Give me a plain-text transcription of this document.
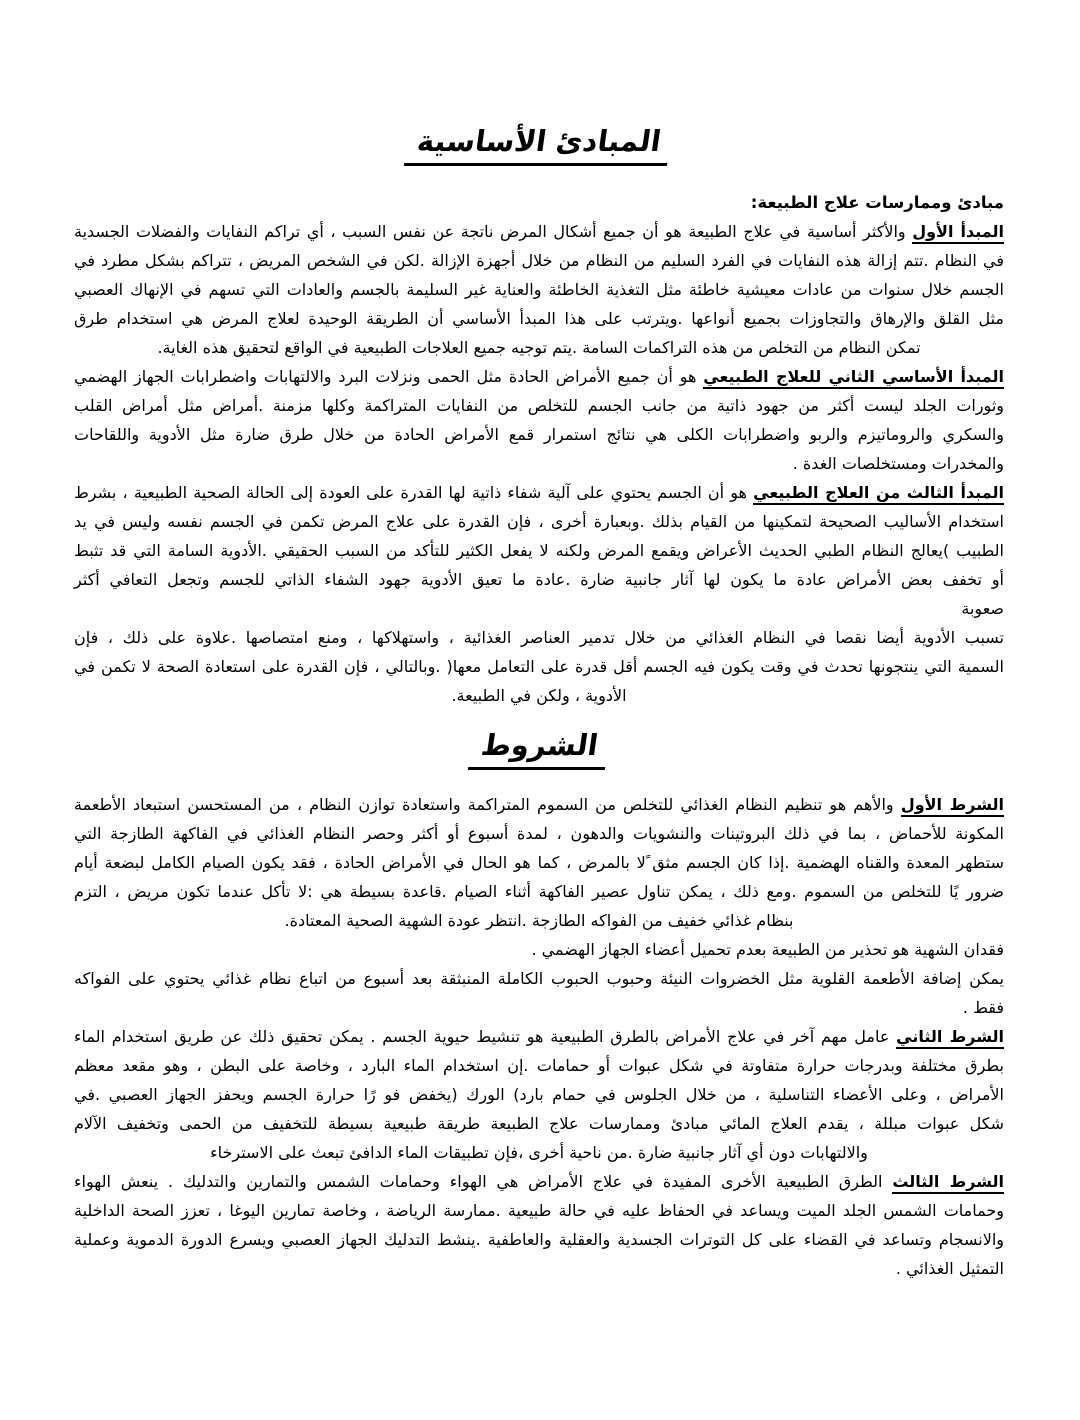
المبادئ الأساسية
مبادئ وممارسات علاج الطبيعة:
المبدأ الأول والأكثر أساسية في علاج الطبيعة هو أن جميع أشكال المرض ناتجة عن نفس السبب ، أي تراكم النفايات والفضلات الجسدية
في النظام .تتم إزالة هذه النفايات في الفرد السليم من النظام من خلال أجهزة الإزالة .لكن في الشخص المريض ، تتراكم بشكل مطرد في
الجسم خلال سنوات من عادات معيشية خاطئة مثل التغذية الخاطئة والعناية غير السليمة بالجسم والعادات التي تسهم في الإنهاك العصبي
مثل القلق والإرهاق والتجاوزات بجميع أنواعها .ويترتب على هذا المبدأ الأساسي أن الطريقة الوحيدة لعلاج المرض هي استخدام طرق
تمكن النظام من التخلص من هذه التراكمات السامة .يتم توجيه جميع العلاجات الطبيعية في الواقع لتحقيق هذه الغاية.
المبدأ الأساسي الثاني للعلاج الطبيعي هو أن جميع الأمراض الحادة مثل الحمى ونزلات البرد والالتهابات واضطرابات الجهاز الهضمي
وثورات الجلد ليست أكثر من جهود ذاتية من جانب الجسم للتخلص من النفايات المتراكمة وكلها مزمنة .أمراض مثل أمراض القلب
والسكري والروماتيزم والربو واضطرابات الكلى هي نتائج استمرار قمع الأمراض الحادة من خلال طرق ضارة مثل الأدوية واللقاحات
والمخدرات ومستخلصات الغدة .
المبدأ الثالث من العلاج الطبيعي هو أن الجسم يحتوي على آلية شفاء ذاتية لها القدرة على العودة إلى الحالة الصحية الطبيعية ، بشرط
استخدام الأساليب الصحيحة لتمكينها من القيام بذلك .وبعبارة أخرى ، فإن القدرة على علاج المرض تكمن في الجسم نفسه وليس في يد
الطبيب )يعالج النظام الطبي الحديث الأعراض ويقمع المرض ولكنه لا يفعل الكثير للتأكد من السبب الحقيقي .الأدوية السامة التي قد تثبط
أو تخفف بعض الأمراض عادة ما يكون لها آثار جانبية ضارة .عادة ما تعيق الأدوية جهود الشفاء الذاتي للجسم وتجعل التعافي أكثر
صعوبة
تسبب الأدوية أيضا نقصا في النظام الغذائي من خلال تدمير العناصر الغذائية ، واستهلاكها ، ومنع امتصاصها .علاوة على ذلك ، فإن
السمية التي ينتجونها تحدث في وقت يكون فيه الجسم أقل قدرة على التعامل معها( .وبالتالي ، فإن القدرة على استعادة الصحة لا تكمن في
الأدوية ، ولكن في الطبيعة.
الشروط
الشرط الأول والأهم هو تنظيم النظام الغذائي للتخلص من السموم المتراكمة واستعادة توازن النظام ، من المستحسن استبعاد الأطعمة
المكونة للأحماض ، بما في ذلك البروتينات والنشويات والدهون ، لمدة أسبوع أو أكثر وحصر النظام الغذائي في الفاكهة الطازجة التي
ستطهر المعدة والقناه الهضمية .إذا كان الجسم مثق ًلا بالمرض ، كما هو الحال في الأمراض الحادة ، فقد يكون الصيام الكامل لبضعة أيام
ضرور يًا للتخلص من السموم .ومع ذلك ، يمكن تناول عصير الفاكهة أثناء الصيام .قاعدة بسيطة هي :لا تأكل عندما تكون مريض ، التزم
بنظام غذائي خفيف من الفواكه الطازجة .انتظر عودة الشهية الصحية المعتادة.
فقدان الشهية هو تحذير من الطبيعة بعدم تحميل أعضاء الجهاز الهضمي .
يمكن إضافة الأطعمة القلوية مثل الخضروات النيئة وحبوب الحبوب الكاملة المنبثقة بعد أسبوع من اتباع نظام غذائي يحتوي على الفواكه
فقط .
الشرط الثاني عامل مهم آخر في علاج الأمراض بالطرق الطبيعية هو تنشيط حيوية الجسم . يمكن تحقيق ذلك عن طريق استخدام الماء
بطرق مختلفة وبدرجات حرارة متفاوتة في شكل عبوات أو حمامات .إن استخدام الماء البارد ، وخاصة على البطن ، وهو مقعد معظم
الأمراض ، وعلى الأعضاء التناسلية ، من خلال الجلوس في حمام بارد) الورك (يخفض فو رًا حرارة الجسم ويحفز الجهاز العصبي .في
شكل عبوات مبللة ، يقدم العلاج المائي مبادئ وممارسات علاج الطبيعة طريقة طبيعية بسيطة للتخفيف من الحمى وتخفيف الآلام
والالتهابات دون أي آثار جانبية ضارة .من ناحية أخرى ،فإن تطبيقات الماء الدافئ تبعث على الاسترخاء
الشرط الثالث الطرق الطبيعية الأخرى المفيدة في علاج الأمراض هي الهواء وحمامات الشمس والتمارين والتدليك . ينعش الهواء
وحمامات الشمس الجلد الميت ويساعد في الحفاظ عليه في حالة طبيعية .ممارسة الرياضة ، وخاصة تمارين اليوغا ، تعزز الصحة الداخلية
والانسجام وتساعد في القضاء على كل التوترات الجسدية والعقلية والعاطفية .ينشط التدليك الجهاز العصبي ويسرع الدورة الدموية وعملية
التمثيل الغذائي .
